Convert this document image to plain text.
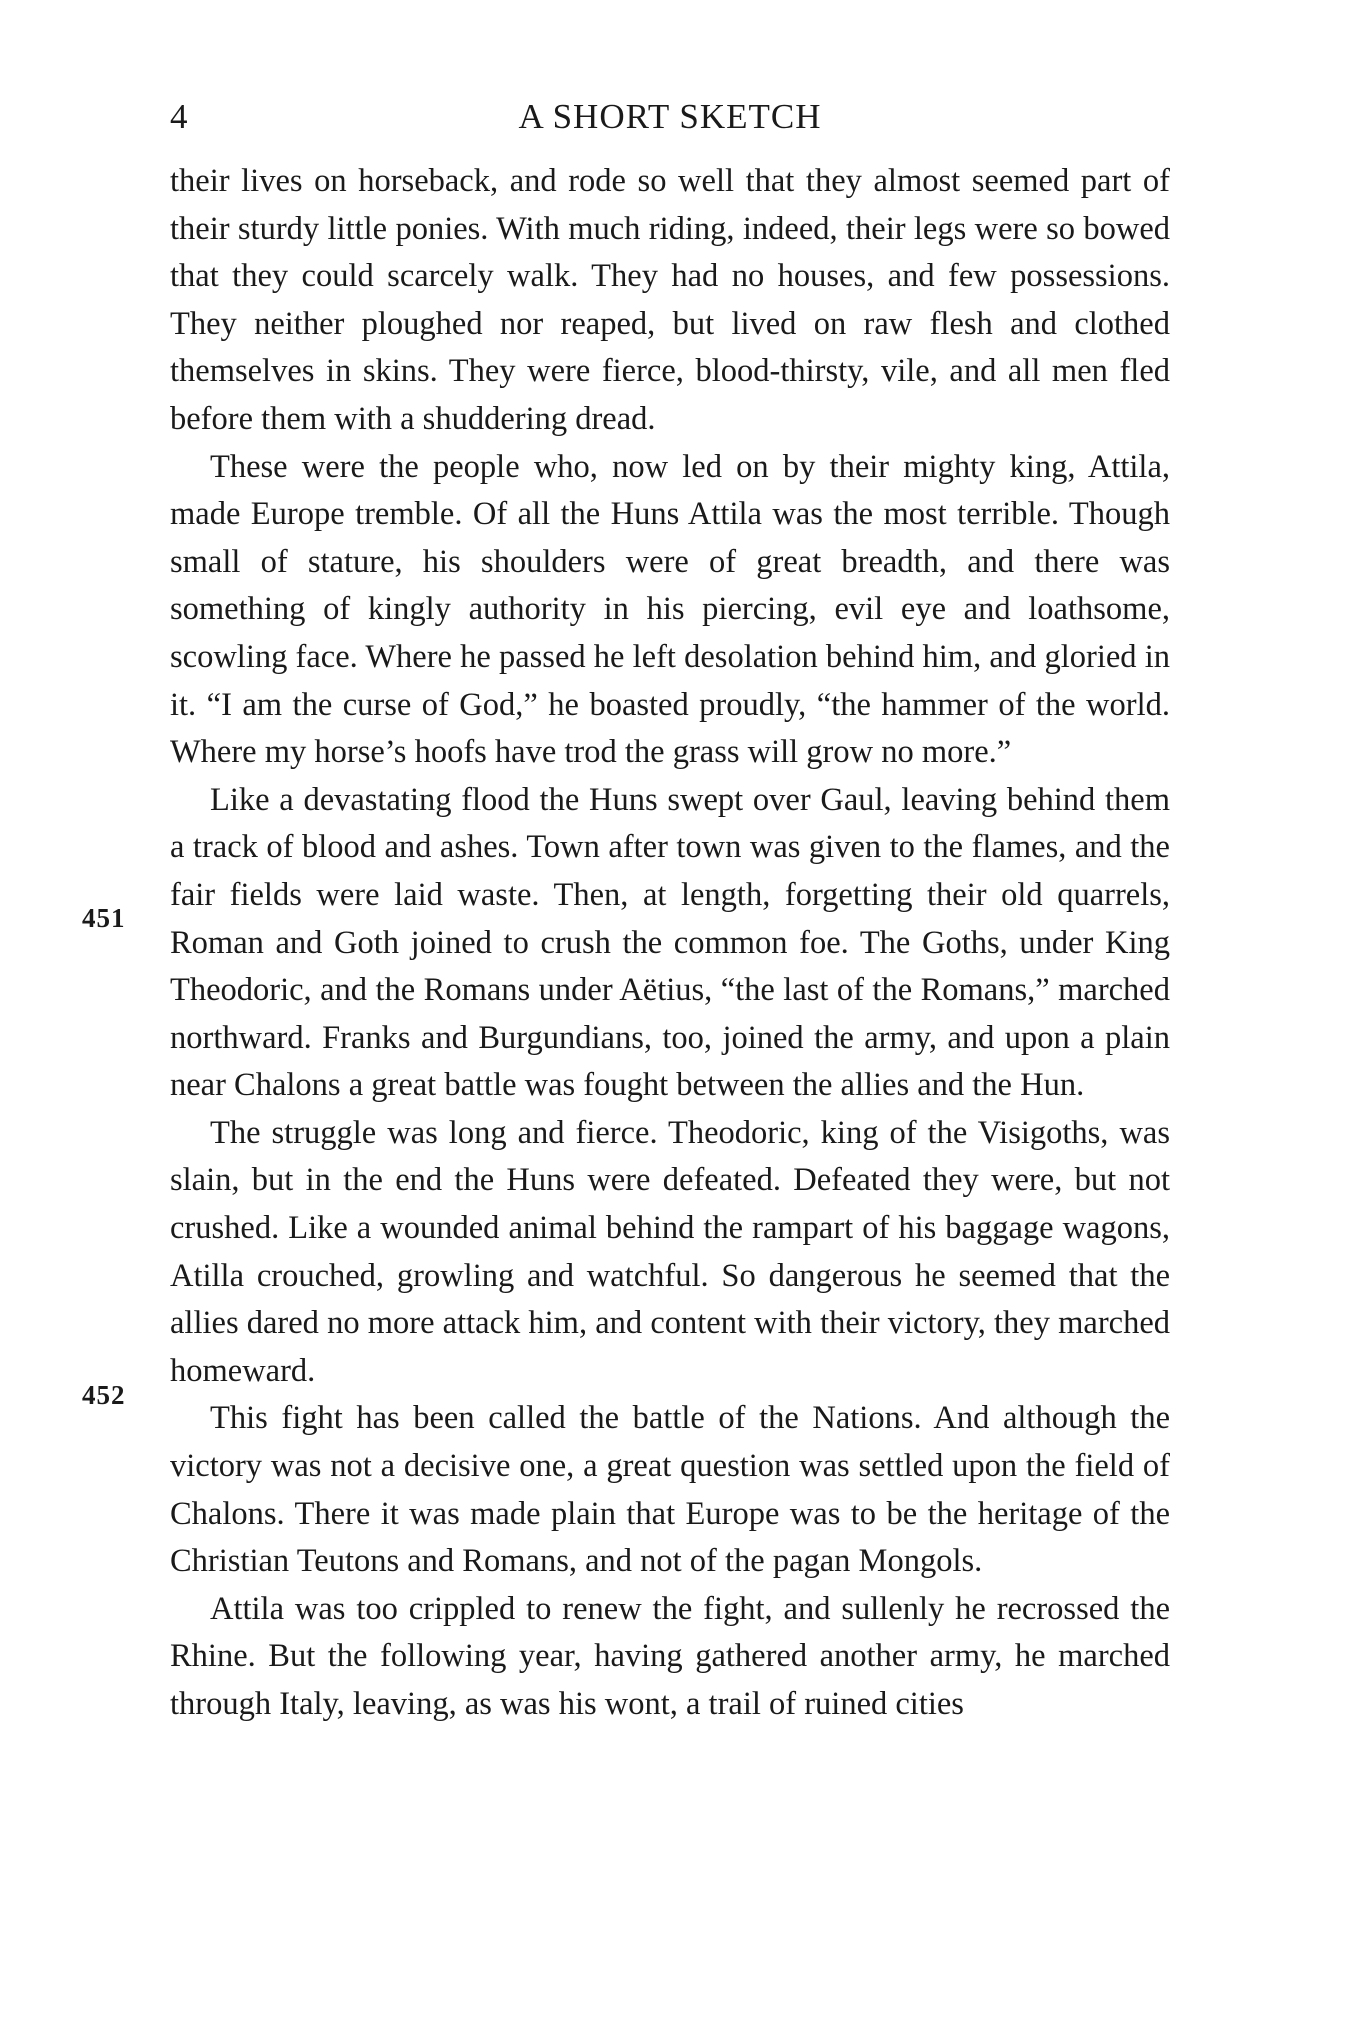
4	A SHORT SKETCH
451
452

their lives on horseback, and rode so well that they almost seemed part of their sturdy little ponies. With much riding, indeed, their legs were so bowed that they could scarcely walk. They had no houses, and few possessions. They neither ploughed nor reaped, but lived on raw flesh and clothed themselves in skins. They were fierce, blood-thirsty, vile, and all men fled before them with a shuddering dread.

These were the people who, now led on by their mighty king, Attila, made Europe tremble. Of all the Huns Attila was the most terrible. Though small of stature, his shoulders were of great breadth, and there was something of kingly authority in his piercing, evil eye and loathsome, scowling face. Where he passed he left desolation behind him, and gloried in it. “I am the curse of God,” he boasted proudly, “the hammer of the world. Where my horse’s hoofs have trod the grass will grow no more.”

Like a devastating flood the Huns swept over Gaul, leaving behind them a track of blood and ashes. Town after town was given to the flames, and the fair fields were laid waste. Then, at length, forgetting their old quarrels, Roman and Goth joined to crush the common foe. The Goths, under King Theodoric, and the Romans under Aëtius, “the last of the Romans,” marched northward. Franks and Burgundians, too, joined the army, and upon a plain near Chalons a great battle was fought between the allies and the Hun.

The struggle was long and fierce. Theodoric, king of the Visigoths, was slain, but in the end the Huns were defeated. Defeated they were, but not crushed. Like a wounded animal behind the rampart of his baggage wagons, Atilla crouched, growling and watchful. So dangerous he seemed that the allies dared no more attack him, and content with their victory, they marched homeward.

This fight has been called the battle of the Nations. And although the victory was not a decisive one, a great question was settled upon the field of Chalons. There it was made plain that Europe was to be the heritage of the Christian Teutons and Romans, and not of the pagan Mongols.

Attila was too crippled to renew the fight, and sullenly he recrossed the Rhine. But the following year, having gathered another army, he marched through Italy, leaving, as was his wont, a trail of ruined cities
